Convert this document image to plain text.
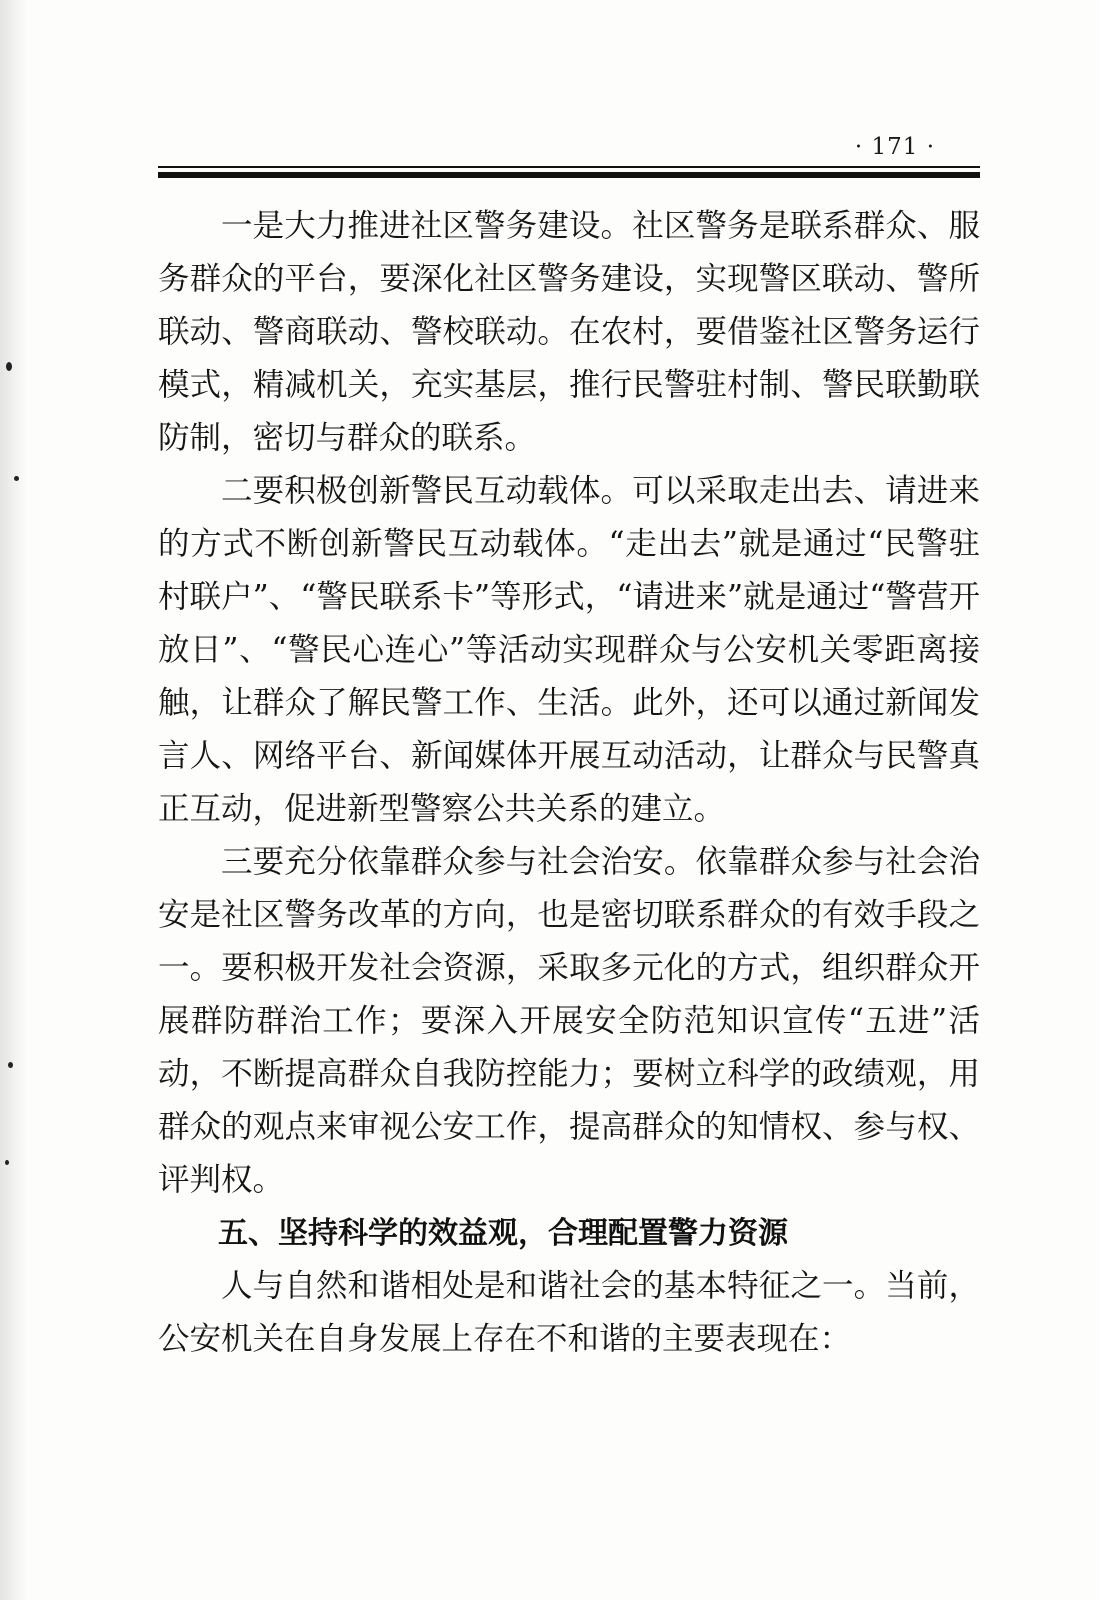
· 171 ·

一是大力推进社区警务建设。社区警务是联系群众、服务群众的平台，要深化社区警务建设，实现警区联动、警所联动、警商联动、警校联动。在农村，要借鉴社区警务运行模式，精减机关，充实基层，推行民警驻村制、警民联勤联防制，密切与群众的联系。

二要积极创新警民互动载体。可以采取走出去、请进来的方式不断创新警民互动载体。“走出去”就是通过“民警驻村联户”、“警民联系卡”等形式，“请进来”就是通过“警营开放日”、“警民心连心”等活动实现群众与公安机关零距离接触，让群众了解民警工作、生活。此外，还可以通过新闻发言人、网络平台、新闻媒体开展互动活动，让群众与民警真正互动，促进新型警察公共关系的建立。

三要充分依靠群众参与社会治安。依靠群众参与社会治安是社区警务改革的方向，也是密切联系群众的有效手段之一。要积极开发社会资源，采取多元化的方式，组织群众开展群防群治工作；要深入开展安全防范知识宣传“五进”活动，不断提高群众自我防控能力；要树立科学的政绩观，用群众的观点来审视公安工作，提高群众的知情权、参与权、评判权。

五、坚持科学的效益观，合理配置警力资源

人与自然和谐相处是和谐社会的基本特征之一。当前，公安机关在自身发展上存在不和谐的主要表现在：
